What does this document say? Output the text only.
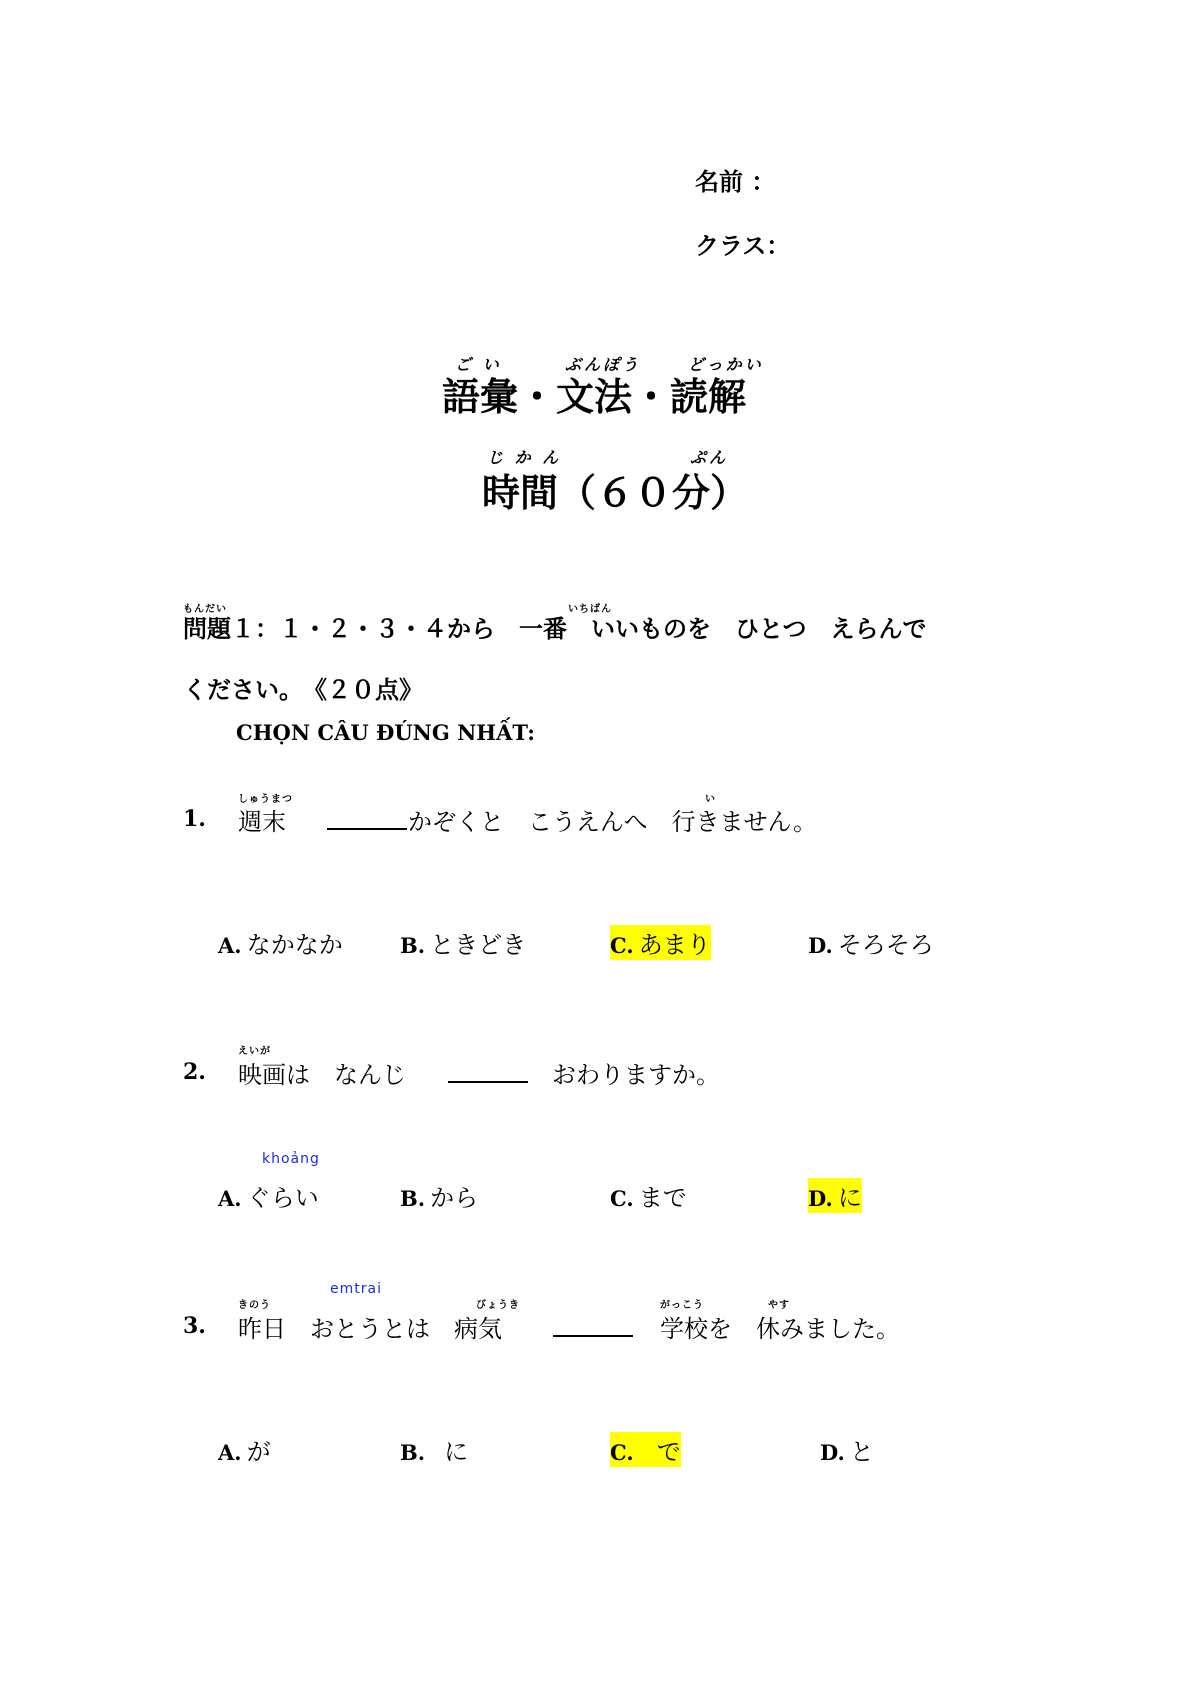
名前 ：
クラス：
ご い	ぶんぽう	どっかい
語彙・文法・読解
じ か ん	ぷん
時間（６０分）
もんだい	いちばん
問題１：１・２・３・４から　一番　いいものを　ひとつ　えらんで
ください。　《２０点》
CHỌN CÂU ĐÚNG NHẤT:
しゅうまつ	い
1. 週末	かぞくと　こうえんへ　行きません。
A. なかなか	B. ときどき	C. あまり	D. そろそろ
えいが
2. 映画は　なんじ	おわりますか。
khoảng
A. ぐらい	B. から	C. まで	D. に
emtrai
きのう	びょうき	がっこう	やす
3. 昨日　おとうとは　病気	学校を　休みました。
A. が	B. に	C. で	D. と
